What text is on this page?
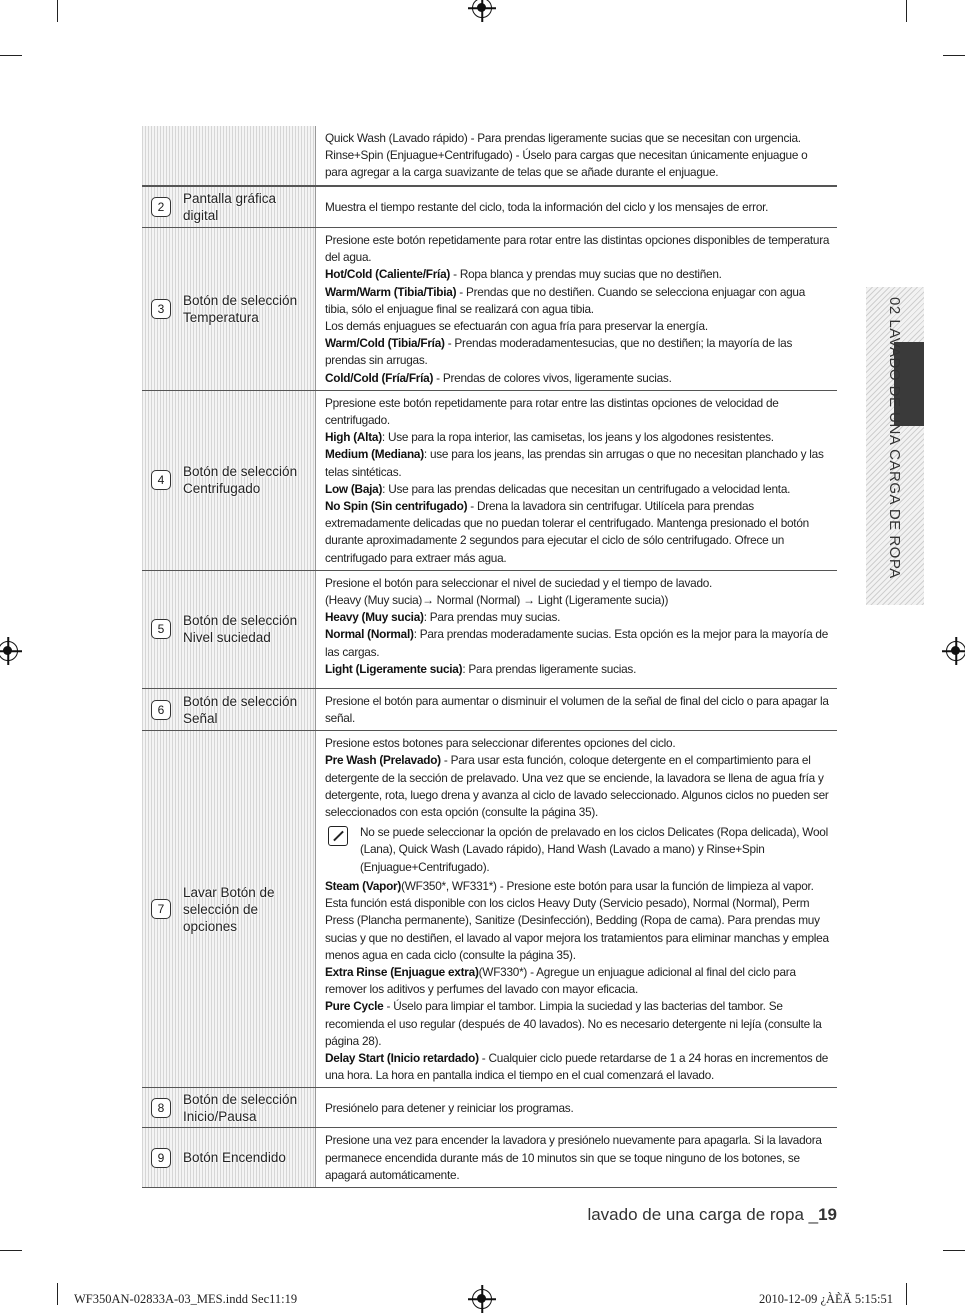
02 LAVADO DE UNA CARGA DE ROPA

Quick Wash (Lavado rápido) - Para prendas ligeramente sucias que se necesitan con urgencia.

Rinse+Spin (Enjuague+Centrifugado) - Úselo para cargas que necesitan únicamente enjuague o para agregar a la carga suavizante de telas que se añade durante el enjuague.

2
Pantalla gráfica
digital

Muestra el tiempo restante del ciclo, toda la información del ciclo y los mensajes de error.

3
Botón de selección
Temperatura

Presione este botón repetidamente para rotar entre las distintas opciones disponibles de temperatura del agua.

Hot/Cold (Caliente/Fría) - Ropa blanca y prendas muy sucias que no destiñen.

Warm/Warm (Tibia/Tibia) - Prendas que no destiñen. Cuando se selecciona enjuagar con agua tibia, sólo el enjuague final se realizará con agua tibia.

Los demás enjuagues se efectuarán con agua fría para preservar la energía.

Warm/Cold (Tibia/Fría) - Prendas moderadamentesucias, que no destiñen; la mayoría de las prendas sin arrugas.

Cold/Cold (Fría/Fría) - Prendas de colores vivos, ligeramente sucias.

4
Botón de selección
Centrifugado

Ppresione este botón repetidamente para rotar entre las distintas opciones de velocidad de centrifugado.

High (Alta): Use para la ropa interior, las camisetas, los jeans y los algodones resistentes.

Medium (Mediana): use para los jeans, las prendas sin arrugas o que no necesitan planchado y las telas sintéticas.

Low (Baja): Use para las prendas delicadas que necesitan un centrifugado a velocidad lenta.

No Spin (Sin centrifugado) - Drena la lavadora sin centrifugar. Utilícela para prendas extremadamente delicadas que no puedan tolerar el centrifugado. Mantenga presionado el botón durante aproximadamente 2 segundos para ejecutar el ciclo de sólo centrifugado. Ofrece un centrifugado para extraer más agua.

5
Botón de selección
Nivel suciedad

Presione el botón para seleccionar el nivel de suciedad y el tiempo de lavado.

(Heavy (Muy sucia)→ Normal (Normal) → Light (Ligeramente sucia))

Heavy (Muy sucia): Para prendas muy sucias.

Normal (Normal): Para prendas moderadamente sucias. Esta opción es la mejor para la mayoría de las cargas.

Light (Ligeramente sucia): Para prendas ligeramente sucias.

6
Botón de selección
Señal

Presione el botón para aumentar o disminuir el volumen de la señal de final del ciclo o para apagar la señal.

7
Lavar Botón de
selección de
opciones

Presione estos botones para seleccionar diferentes opciones del ciclo.

Pre Wash (Prelavado) - Para usar esta función, coloque detergente en el compartimiento para el detergente de la sección de prelavado. Una vez que se enciende, la lavadora se llena de agua fría y detergente, rota, luego drena y avanza al ciclo de lavado seleccionado. Algunos ciclos no pueden ser seleccionados con esta opción (consulte la página 35).

No se puede seleccionar la opción de prelavado en los ciclos Delicates (Ropa delicada), Wool (Lana), Quick Wash (Lavado rápido), Hand Wash (Lavado a mano) y Rinse+Spin (Enjuague+Centrifugado).

Steam (Vapor)(WF350*, WF331*) - Presione este botón para usar la función de limpieza al vapor. Esta función está disponible con los ciclos Heavy Duty (Servicio pesado), Normal (Normal), Perm Press (Plancha permanente), Sanitize (Desinfección), Bedding (Ropa de cama). Para prendas muy sucias y que no destiñen, el lavado al vapor mejora los tratamientos para eliminar manchas y emplea menos agua en cada ciclo (consulte la página 35).

Extra Rinse (Enjuague extra)(WF330*) - Agregue un enjuague adicional al final del ciclo para remover los aditivos y perfumes del lavado con mayor eficacia.

Pure Cycle - Úselo para limpiar el tambor. Limpia la suciedad y las bacterias del tambor. Se recomienda el uso regular (después de 40 lavados). No es necesario detergente ni lejía (consulte la página 28).

Delay Start (Inicio retardado) - Cualquier ciclo puede retardarse de 1 a 24 horas en incrementos de una hora. La hora en pantalla indica el tiempo en el cual comenzará el lavado.

8
Botón de selección
Inicio/Pausa

Presiónelo para detener y reiniciar los programas.

9	Botón Encendido

Presione una vez para encender la lavadora y presiónelo nuevamente para apagarla. Si la lavadora permanece encendida durante más de 10 minutos sin que se toque ninguno de los botones, se apagará automáticamente.

lavado de una carga de ropa _19
WF350AN-02833A-03_MES.indd Sec11:19	2010-12-09 ¿ÀÈÄ 5:15:51
